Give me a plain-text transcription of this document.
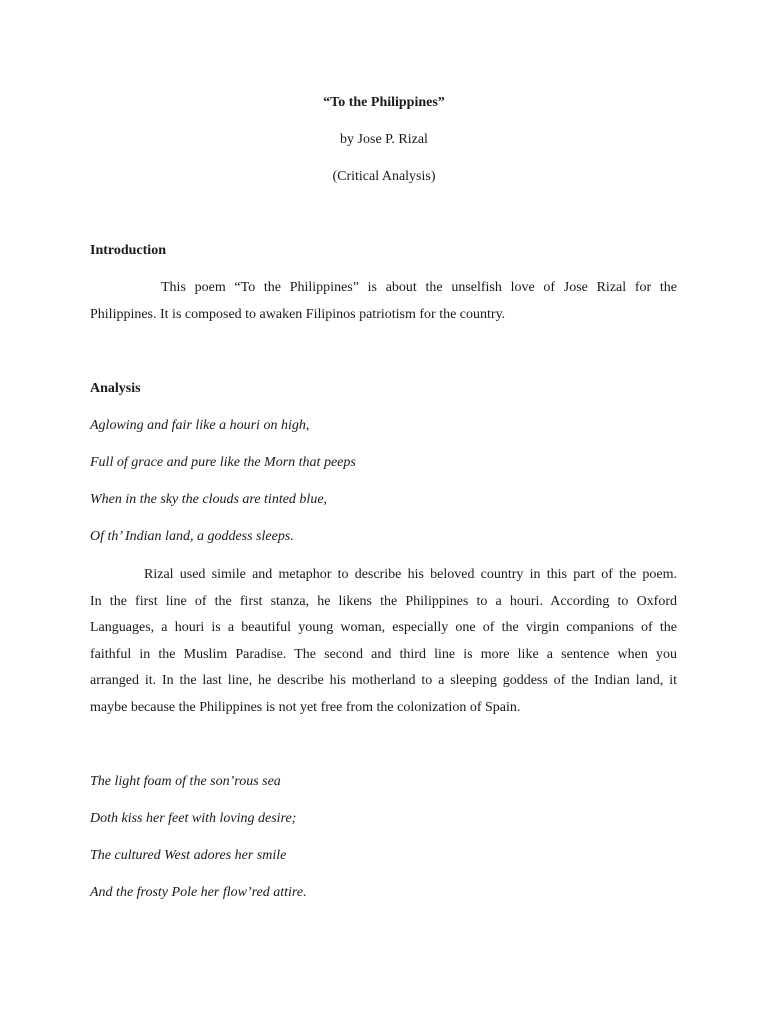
“To the Philippines”
by Jose P. Rizal
(Critical Analysis)
Introduction
This poem “To the Philippines” is about the unselfish love of Jose Rizal for the
Philippines. It is composed to awaken Filipinos patriotism for the country.
Analysis
Aglowing and fair like a houri on high,
Full of grace and pure like the Morn that peeps
When in the sky the clouds are tinted blue,
Of th’ Indian land, a goddess sleeps.
Rizal used simile and metaphor to describe his beloved country in this part of the poem.
In the first line of the first stanza, he likens the Philippines to a houri. According to Oxford
Languages, a houri is a beautiful young woman, especially one of the virgin companions of the
faithful in the Muslim Paradise. The second and third line is more like a sentence when you
arranged it. In the last line, he describe his motherland to a sleeping goddess of the Indian land, it
maybe because the Philippines is not yet free from the colonization of Spain.
The light foam of the son’rous sea
Doth kiss her feet with loving desire;
The cultured West adores her smile
And the frosty Pole her flow’red attire.
